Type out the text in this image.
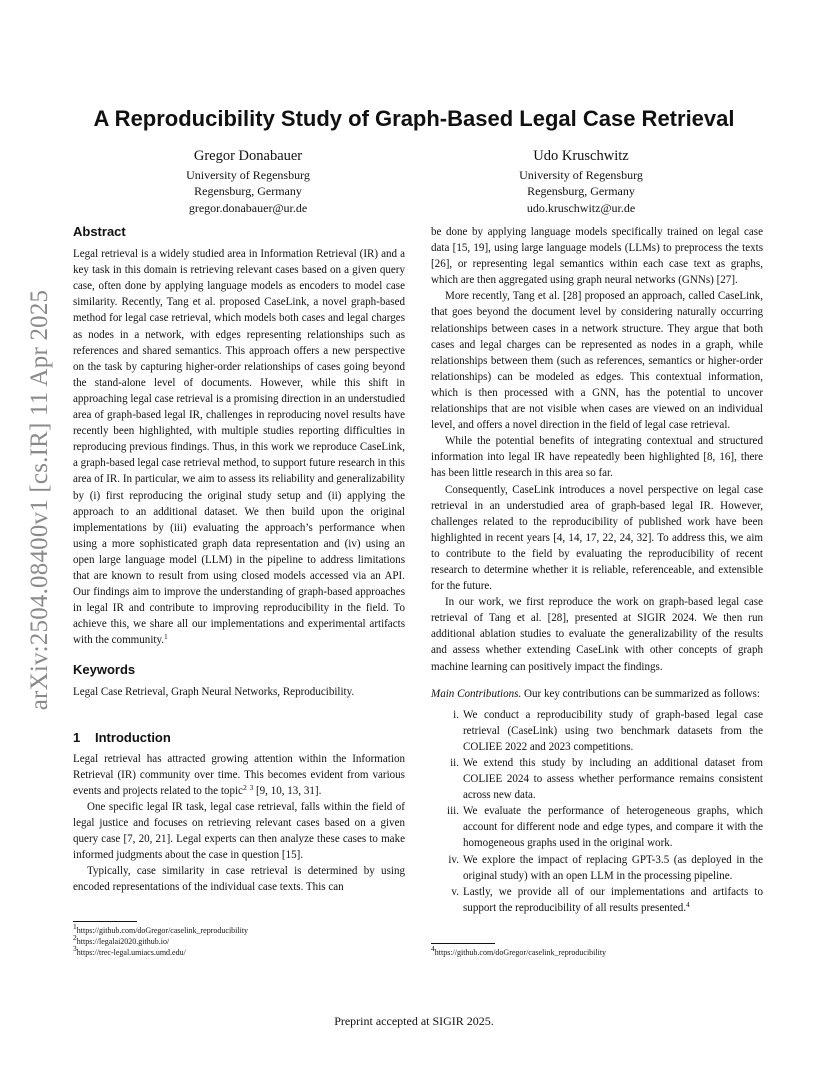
arXiv:2504.08400v1 [cs.IR] 11 Apr 2025
A Reproducibility Study of Graph-Based Legal Case Retrieval
Gregor Donabauer
University of Regensburg
Regensburg, Germany
gregor.donabauer@ur.de
Udo Kruschwitz
University of Regensburg
Regensburg, Germany
udo.kruschwitz@ur.de
Abstract

Legal retrieval is a widely studied area in Information Retrieval (IR) and a key task in this domain is retrieving relevant cases based on a given query case, often done by applying language models as encoders to model case similarity. Recently, Tang et al. proposed CaseLink, a novel graph-based method for legal case retrieval, which models both cases and legal charges as nodes in a network, with edges representing relationships such as references and shared semantics. This approach offers a new perspective on the task by capturing higher-order relationships of cases going beyond the stand-alone level of documents. However, while this shift in approaching legal case retrieval is a promising direction in an understudied area of graph-based legal IR, challenges in reproducing novel results have recently been highlighted, with multiple studies reporting difficulties in reproducing previous findings. Thus, in this work we reproduce CaseLink, a graph-based legal case retrieval method, to support future research in this area of IR. In particular, we aim to assess its reliability and generalizability by (i) first reproducing the original study setup and (ii) applying the approach to an additional dataset. We then build upon the original implementations by (iii) evaluating the approach’s performance when using a more sophisticated graph data representation and (iv) using an open large language model (LLM) in the pipeline to address limitations that are known to result from using closed models accessed via an API. Our findings aim to improve the understanding of graph-based approaches in legal IR and contribute to improving reproducibility in the field. To achieve this, we share all our implementations and experimental artifacts with the community.$^1$

Keywords

Legal Case Retrieval, Graph Neural Networks, Reproducibility.

1 Introduction

Legal retrieval has attracted growing attention within the Information Retrieval (IR) community over time. This becomes evident from various events and projects related to the topic$^2$ $^3$ [9, 10, 13, 31].

One specific legal IR task, legal case retrieval, falls within the field of legal justice and focuses on retrieving relevant cases based on a given query case [7, 20, 21]. Legal experts can then analyze these cases to make informed judgments about the case in question [15].

Typically, case similarity in case retrieval is determined by using encoded representations of the individual case texts. This can

$^1$https://github.com/doGregor/caselink_reproducibility
$^2$https://legalai2020.github.io/
$^3$https://trec-legal.umiacs.umd.edu/

be done by applying language models specifically trained on legal case data [15, 19], using large language models (LLMs) to preprocess the texts [26], or representing legal semantics within each case text as graphs, which are then aggregated using graph neural networks (GNNs) [27].

More recently, Tang et al. [28] proposed an approach, called CaseLink, that goes beyond the document level by considering naturally occurring relationships between cases in a network structure. They argue that both cases and legal charges can be represented as nodes in a graph, while relationships between them (such as references, semantics or higher-order relationships) can be modeled as edges. This contextual information, which is then processed with a GNN, has the potential to uncover relationships that are not visible when cases are viewed on an individual level, and offers a novel direction in the field of legal case retrieval.

While the potential benefits of integrating contextual and structured information into legal IR have repeatedly been highlighted [8, 16], there has been little research in this area so far.

Consequently, CaseLink introduces a novel perspective on legal case retrieval in an understudied area of graph-based legal IR. However, challenges related to the reproducibility of published work have been highlighted in recent years [4, 14, 17, 22, 24, 32]. To address this, we aim to contribute to the field by evaluating the reproducibility of recent research to determine whether it is reliable, referenceable, and extensible for the future.

In our work, we first reproduce the work on graph-based legal case retrieval of Tang et al. [28], presented at SIGIR 2024. We then run additional ablation studies to evaluate the generalizability of the results and assess whether extending CaseLink with other concepts of graph machine learning can positively impact the findings.

Main Contributions. Our key contributions can be summarized as follows:

i. We conduct a reproducibility study of graph-based legal case retrieval (CaseLink) using two benchmark datasets from the COLIEE 2022 and 2023 competitions.
ii. We extend this study by including an additional dataset from COLIEE 2024 to assess whether performance remains consistent across new data.
iii. We evaluate the performance of heterogeneous graphs, which account for different node and edge types, and compare it with the homogeneous graphs used in the original work.
iv. We explore the impact of replacing GPT-3.5 (as deployed in the original study) with an open LLM in the processing pipeline.
v. Lastly, we provide all of our implementations and artifacts to support the reproducibility of all results presented.$^4$
$^4$https://github.com/doGregor/caselink_reproducibility
Preprint accepted at SIGIR 2025.
